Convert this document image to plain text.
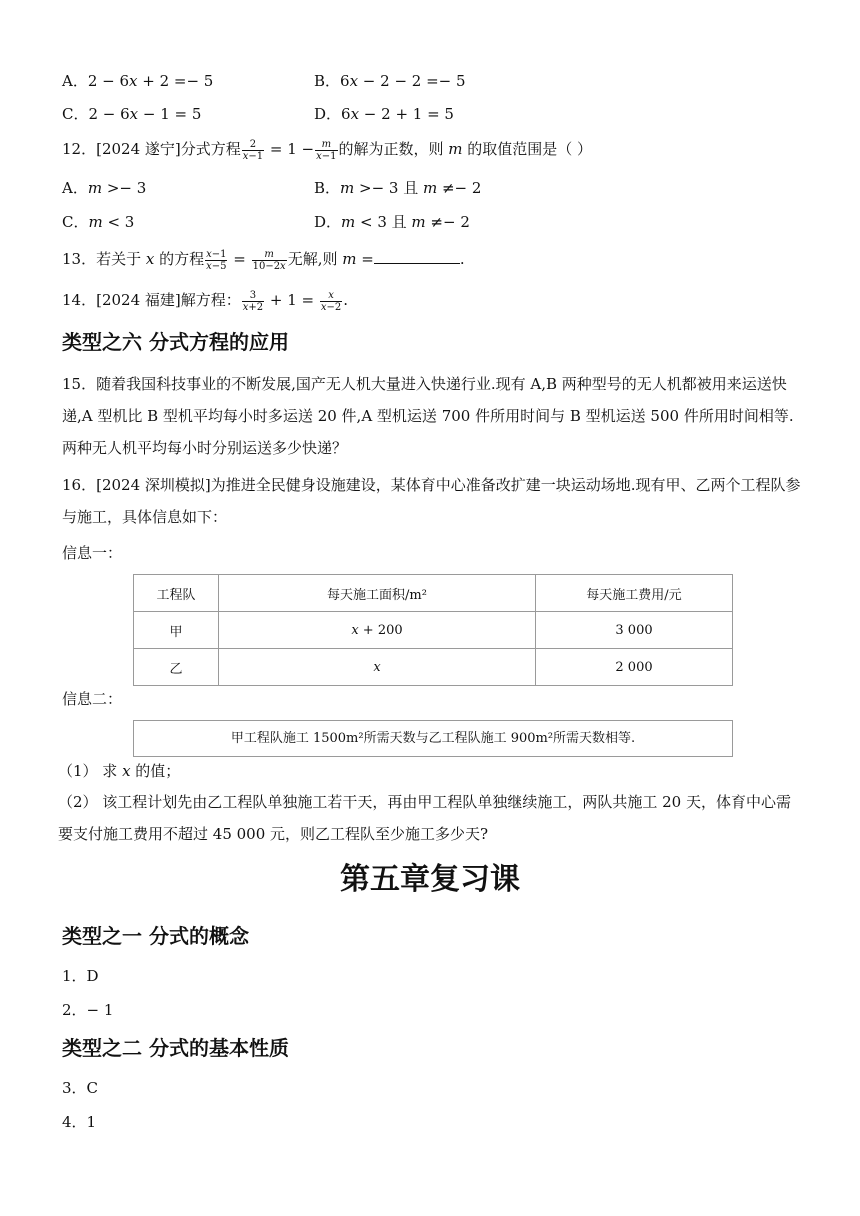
A．2 − 6𝑥 + 2 =− 5	B．6𝑥 − 2 − 2 =− 5
C．2 − 6𝑥 − 1 = 5	D．6𝑥 − 2 + 1 = 5
12．[2024 遂宁]分式方程 $\frac{2}{\text{𝑥−1}} = 1 - \frac{\text{𝑚}}{\text{𝑥−1}}$ 的解为正数，则 𝑚 的取值范围是（ ）
A．𝑚 >− 3	B．𝑚 >− 3 且 𝑚 ≠− 2
C．𝑚 < 3	D．𝑚 < 3 且 𝑚 ≠− 2
13．若关于 𝑥 的方程 $\frac{\text{𝑥−1}}{\text{𝑥−5}} = \frac{\text{𝑚}}{\text{10−2𝑥}}$ 无解,则 𝑚 =	.
14．[2024 福建]解方程： $\frac{3}{\text{𝑥+2}} + 1 = \frac{\text{𝑥}}{\text{𝑥−2}}$ .
类型之六 分式方程的应用
15．随着我国科技事业的不断发展,国产无人机大量进入快递行业.现有 A,B 两种型号的无人机都被用来运送快递,A 型机比 B 型机平均每小时多运送 20 件,A 型机运送 700 件所用时间与 B 型机运送 500 件所用时间相等.两种无人机平均每小时分别运送多少快递？
16．[2024 深圳模拟]为推进全民健身设施建设，某体育中心准备改扩建一块运动场地.现有甲、乙两个工程队参与施工，具体信息如下：
信息一：
工程队	每天施工面积/m²	每天施工费用/元
甲	𝑥 + 200	3 000
乙	𝑥	2 000
信息二：
甲工程队施工 1500m²所需天数与乙工程队施工 900m²所需天数相等.
（1） 求 𝑥 的值；
（2） 该工程计划先由乙工程队单独施工若干天，再由甲工程队单独继续施工，两队共施工 20 天，体育中心需要支付施工费用不超过 45 000 元，则乙工程队至少施工多少天?
第五章复习课
类型之一 分式的概念
1．D
2．− 1
类型之二 分式的基本性质
3．C
4．1
